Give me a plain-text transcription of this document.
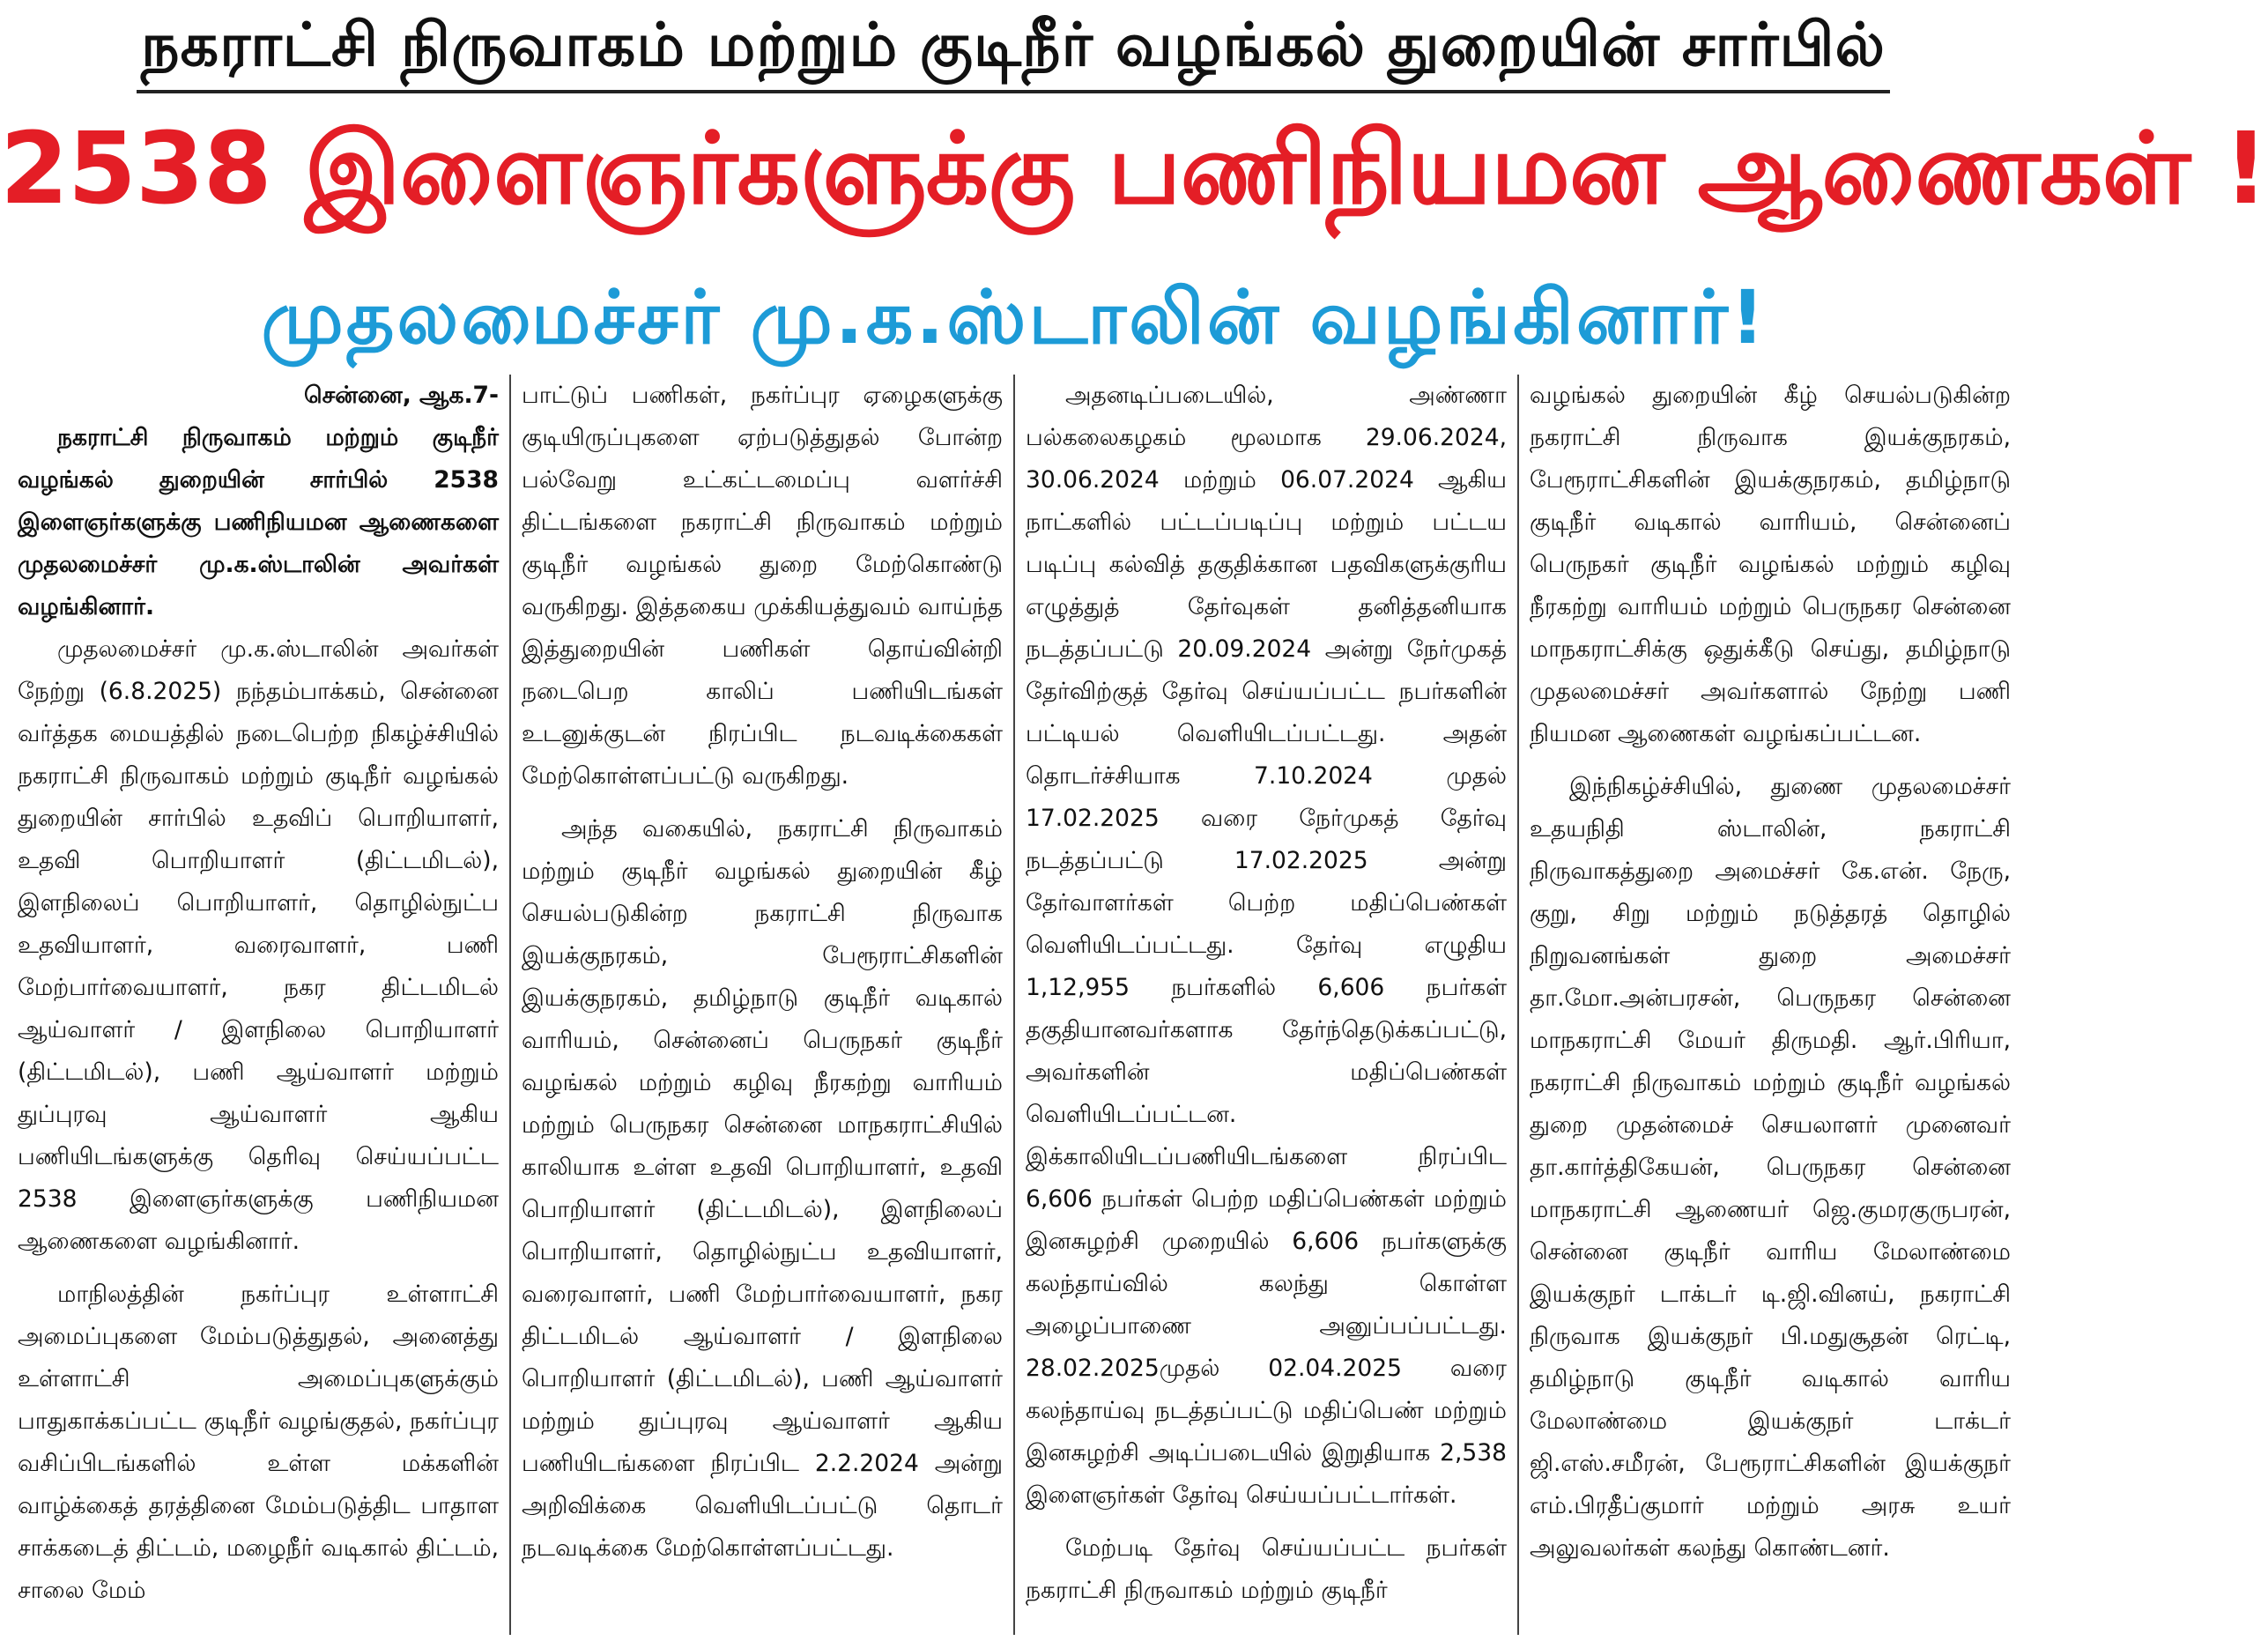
நகராட்சி நிருவாகம் மற்றும் குடிநீர் வழங்கல் துறையின் சார்பில்
2538 இளைஞர்களுக்கு பணிநியமன ஆணைகள் !
முதலமைச்சர் மு.க.ஸ்டாலின் வழங்கினார்!
சென்னை, ஆக.7-
நகராட்சி நிருவாகம் மற்றும் குடிநீர் வழங்கல் துறையின் சார்பில் 2538 இளைஞர்களுக்கு பணிநியமன ஆணைகளை முதலமைச்சர் மு.க.ஸ்டாலின் அவர்கள் வழங்கினார்.

முதலமைச்சர் மு.க.ஸ்டாலின் அவர்கள் நேற்று (6.8.2025) நந்தம்பாக்கம், சென்னை வர்த்தக மையத்தில் நடைபெற்ற நிகழ்ச்சியில் நகராட்சி நிருவாகம் மற்றும் குடிநீர் வழங்கல் துறையின் சார்பில் உதவிப் பொறியாளர், உதவி பொறியாளர் (திட்டமிடல்), இளநிலைப் பொறியாளர், தொழில்நுட்ப உதவியாளர், வரைவாளர், பணி மேற்பார்வையாளர், நகர திட்டமிடல் ஆய்வாளர் / இளநிலை பொறியாளர் (திட்டமிடல்), பணி ஆய்வாளர் மற்றும் துப்புரவு ஆய்வாளர் ஆகிய பணியிடங்களுக்கு தெரிவு செய்யப்பட்ட 2538 இளைஞர்களுக்கு பணிநியமன ஆணைகளை வழங்கினார்.

மாநிலத்தின் நகர்ப்புர உள்ளாட்சி அமைப்புகளை மேம்படுத்துதல், அனைத்து உள்ளாட்சி அமைப்புகளுக்கும் பாதுகாக்கப்பட்ட குடிநீர் வழங்குதல், நகர்ப்புர வசிப்பிடங்களில் உள்ள மக்களின் வாழ்க்கைத் தரத்தினை மேம்படுத்திட பாதாள சாக்கடைத் திட்டம், மழைநீர் வடிகால் திட்டம், சாலை மேம்

பாட்டுப் பணிகள், நகர்ப்புர ஏழைகளுக்கு குடியிருப்புகளை ஏற்படுத்துதல் போன்ற பல்வேறு உட்கட்டமைப்பு வளர்ச்சி திட்டங்களை நகராட்சி நிருவாகம் மற்றும் குடிநீர் வழங்கல் துறை மேற்கொண்டு வருகிறது. இத்தகைய முக்கியத்துவம் வாய்ந்த இத்துறையின் பணிகள் தொய்வின்றி நடைபெற காலிப் பணியிடங்கள் உடனுக்குடன் நிரப்பிட நடவடிக்கைகள் மேற்கொள்ளப்பட்டு வருகிறது.

அந்த வகையில், நகராட்சி நிருவாகம் மற்றும் குடிநீர் வழங்கல் துறையின் கீழ் செயல்படுகின்ற நகராட்சி நிருவாக இயக்குநரகம், பேரூராட்சிகளின் இயக்குநரகம், தமிழ்நாடு குடிநீர் வடிகால் வாரியம், சென்னைப் பெருநகர் குடிநீர் வழங்கல் மற்றும் கழிவு நீரகற்று வாரியம் மற்றும் பெருநகர சென்னை மாநகராட்சியில் காலியாக உள்ள உதவி பொறியாளர், உதவி பொறியாளர் (திட்டமிடல்), இளநிலைப் பொறியாளர், தொழில்நுட்ப உதவியாளர், வரைவாளர், பணி மேற்பார்வையாளர், நகர திட்டமிடல் ஆய்வாளர் / இளநிலை பொறியாளர் (திட்டமிடல்), பணி ஆய்வாளர் மற்றும் துப்புரவு ஆய்வாளர் ஆகிய பணியிடங்களை நிரப்பிட 2.2.2024 அன்று அறிவிக்கை வெளியிடப்பட்டு தொடர் நடவடிக்கை மேற்கொள்ளப்பட்டது.

அதனடிப்படையில், அண்ணா பல்கலைகழகம் மூலமாக 29.06.2024, 30.06.2024 மற்றும் 06.07.2024 ஆகிய நாட்களில் பட்டப்படிப்பு மற்றும் பட்டய படிப்பு கல்வித் தகுதிக்கான பதவிகளுக்குரிய எழுத்துத் தேர்வுகள் தனித்தனியாக நடத்தப்பட்டு 20.09.2024 அன்று நேர்முகத் தேர்விற்குத் தேர்வு செய்யப்பட்ட நபர்களின் பட்டியல் வெளியிடப்பட்டது. அதன் தொடர்ச்சியாக 7.10.2024 முதல் 17.02.2025 வரை நேர்முகத் தேர்வு நடத்தப்பட்டு 17.02.2025 அன்று தேர்வாளர்கள் பெற்ற மதிப்பெண்கள் வெளியிடப்பட்டது. தேர்வு எழுதிய 1,12,955 நபர்களில் 6,606 நபர்கள் தகுதியானவர்களாக தேர்ந்தெடுக்கப்பட்டு, அவர்களின் மதிப்பெண்கள் வெளியிடப்பட்டன. இக்காலியிடப்பணியிடங்களை நிரப்பிட 6,606 நபர்கள் பெற்ற மதிப்பெண்கள் மற்றும் இனசுழற்சி முறையில் 6,606 நபர்களுக்கு கலந்தாய்வில் கலந்து கொள்ள அழைப்பாணை அனுப்பப்பட்டது. 28.02.2025முதல் 02.04.2025 வரை கலந்தாய்வு நடத்தப்பட்டு மதிப்பெண் மற்றும் இனசுழற்சி அடிப்படையில் இறுதியாக 2,538 இளைஞர்கள் தேர்வு செய்யப்பட்டார்கள்.

மேற்படி தேர்வு செய்யப்பட்ட நபர்கள் நகராட்சி நிருவாகம் மற்றும் குடிநீர்

வழங்கல் துறையின் கீழ் செயல்படுகின்ற நகராட்சி நிருவாக இயக்குநரகம், பேரூராட்சிகளின் இயக்குநரகம், தமிழ்நாடு குடிநீர் வடிகால் வாரியம், சென்னைப் பெருநகர் குடிநீர் வழங்கல் மற்றும் கழிவு நீரகற்று வாரியம் மற்றும் பெருநகர சென்னை மாநகராட்சிக்கு ஒதுக்கீடு செய்து, தமிழ்நாடு முதலமைச்சர் அவர்களால் நேற்று பணி நியமன ஆணைகள் வழங்கப்பட்டன.

இந்நிகழ்ச்சியில், துணை முதலமைச்சர் உதயநிதி ஸ்டாலின், நகராட்சி நிருவாகத்துறை அமைச்சர் கே.என். நேரு, குறு, சிறு மற்றும் நடுத்தரத் தொழில் நிறுவனங்கள் துறை அமைச்சர் தா.மோ.அன்பரசன், பெருநகர சென்னை மாநகராட்சி மேயர் திருமதி. ஆர்.பிரியா, நகராட்சி நிருவாகம் மற்றும் குடிநீர் வழங்கல் துறை முதன்மைச் செயலாளர் முனைவர் தா.கார்த்திகேயன், பெருநகர சென்னை மாநகராட்சி ஆணையர் ஜெ.குமரகுருபரன், சென்னை குடிநீர் வாரிய மேலாண்மை இயக்குநர் டாக்டர் டி.ஜி.வினய், நகராட்சி நிருவாக இயக்குநர் பி.மதுசூதன் ரெட்டி, தமிழ்நாடு குடிநீர் வடிகால் வாரிய மேலாண்மை இயக்குநர் டாக்டர் ஜி.எஸ்.சமீரன், பேரூராட்சிகளின் இயக்குநர் எம்.பிரதீப்குமார் மற்றும் அரசு உயர் அலுவலர்கள் கலந்து கொண்டனர்.
